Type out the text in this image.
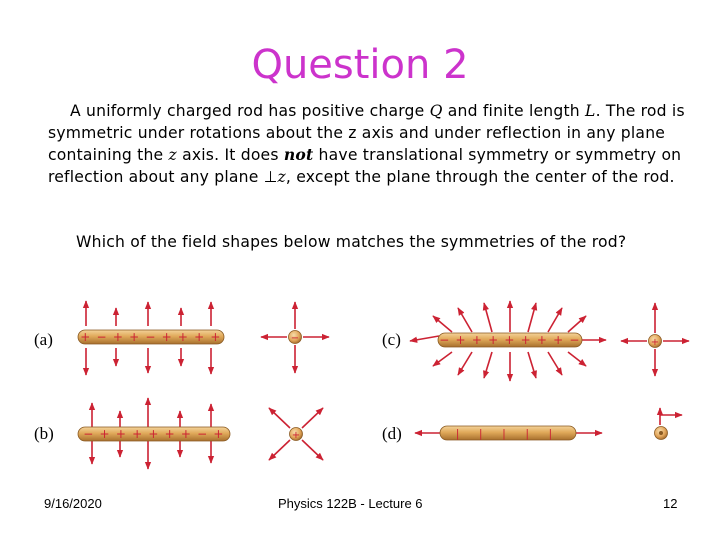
Question 2
A uniformly charged rod has positive charge Q and finite length L. The rod is symmetric under rotations about the z axis and under reflection in any plane containing the z axis. It does not have translational symmetry or symmetry on reflection about any plane ⊥z, except the plane through the center of the rod.
Which of the field shapes below matches the symmetries of the rod?
(a)	(c)
(b)	(d)
+ − + + − + + + +	−	− + + + + + + + −	+
− + + + + + + − +	+	| | | | |
9/16/2020	Physics 122B - Lecture 6	12
